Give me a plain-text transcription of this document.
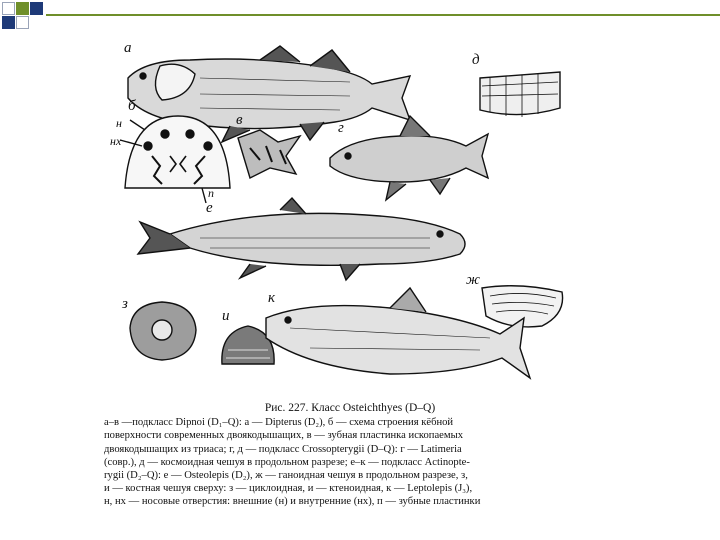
а
б
н
нх
п
в	г
д
е
ж
з
и
к
Рис. 227. Класс Osteichthyes (D–Q)
а–в —подкласс Dipnoi (D₁–Q): а — Dipterus (D₂), б — схема строения кёбной
поверхности современных двоякодышащих, в — зубная пластинка ископаемых
двоякодышащих из триаса; г, д — подкласс Crossopterygii (D–Q): г — Latimeria
(совр.), д — космоидная чешуя в продольном разрезе; е–к — подкласс Actinopte-
rygii (D₂–Q): е — Osteolepis (D₂), ж — ганоидная чешуя в продольном разрезе, з,
и — костная чешуя сверху: з — циклоидная, и — ктеноидная, к — Leptolepis (J₃),
н, нх — носовые отверстия: внешние (н) и внутренние (нх), п — зубные пластинки
